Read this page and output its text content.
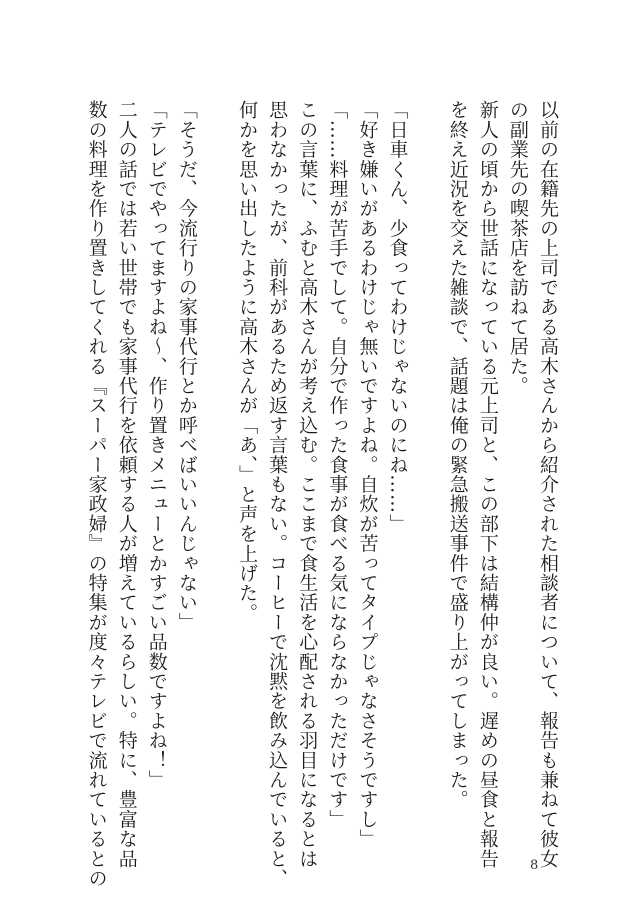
以前の在籍先の上司である高木さんから紹介された相談者について、報告も兼ねて彼女

の副業先の喫茶店を訪ねて居た。

新人の頃から世話になっている元上司と、この部下は結構仲が良い。遅めの昼食と報告

を終え近況を交えた雑談で、話題は俺の緊急搬送事件で盛り上がってしまった。

「日車くん、少食ってわけじゃないのにね……」

「好き嫌いがあるわけじゃ無いですよね。自炊が苦ってタイプじゃなさそうですし」

「……料理が苦手でして。自分で作った食事が食べる気にならなかっただけです」

この言葉に、ふむと高木さんが考え込む。ここまで食生活を心配される羽目になるとは

思わなかったが、前科があるため返す言葉もない。コーヒーで沈黙を飲み込んでいると、

何かを思い出したように高木さんが「あ、」と声を上げた。

「そうだ、今流行りの家事代行とか呼べばいいんじゃない」

「テレビでやってますよね〜、作り置きメニューとかすごい品数ですよね！」

二人の話では若い世帯でも家事代行を依頼する人が増えているらしい。特に、豊富な品

数の料理を作り置きしてくれる『スーパー家政婦』の特集が度々テレビで流れているとの	8
